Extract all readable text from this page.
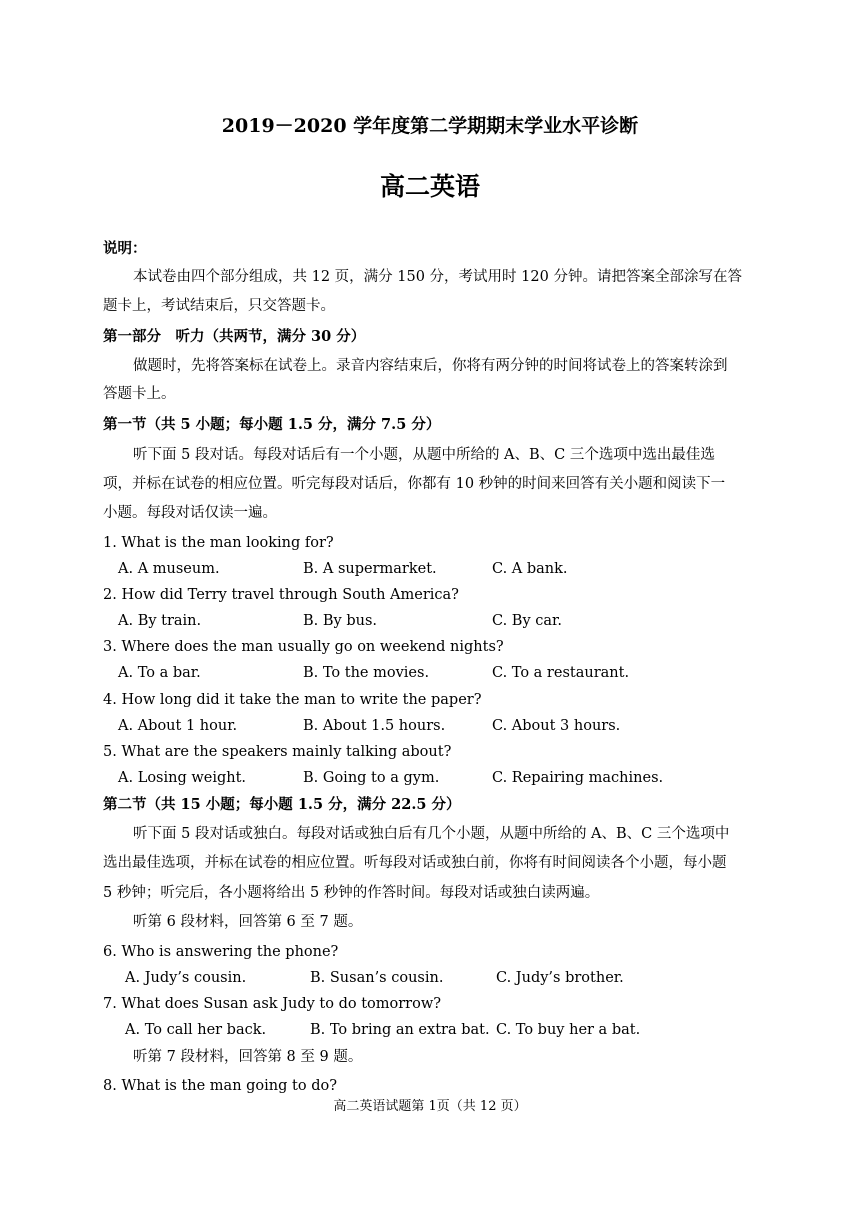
2019－2020 学年度第二学期期末学业水平诊断
高二英语
说明：
本试卷由四个部分组成，共 12 页，满分 150 分，考试用时 120 分钟。请把答案全部涂写在答
题卡上，考试结束后，只交答题卡。
第一部分　听力（共两节，满分 30 分）
做题时，先将答案标在试卷上。录音内容结束后，你将有两分钟的时间将试卷上的答案转涂到
答题卡上。
第一节（共 5 小题；每小题 1.5 分，满分 7.5 分）
听下面 5 段对话。每段对话后有一个小题，从题中所给的 A、B、C 三个选项中选出最佳选
项，并标在试卷的相应位置。听完每段对话后，你都有 10 秒钟的时间来回答有关小题和阅读下一
小题。每段对话仅读一遍。
1. What is the man looking for?
A. A museum.	B. A supermarket.	C. A bank.
2. How did Terry travel through South America?
A. By train.	B. By bus.	C. By car.
3. Where does the man usually go on weekend nights?
A. To a bar.	B. To the movies.	C. To a restaurant.
4. How long did it take the man to write the paper?
A. About 1 hour.	B. About 1.5 hours.	C. About 3 hours.
5. What are the speakers mainly talking about?
A. Losing weight.	B. Going to a gym.	C. Repairing machines.
第二节（共 15 小题；每小题 1.5 分，满分 22.5 分）
听下面 5 段对话或独白。每段对话或独白后有几个小题，从题中所给的 A、B、C 三个选项中
选出最佳选项，并标在试卷的相应位置。听每段对话或独白前，你将有时间阅读各个小题，每小题
5 秒钟；听完后，各小题将给出 5 秒钟的作答时间。每段对话或独白读两遍。
听第 6 段材料，回答第 6 至 7 题。
6. Who is answering the phone?
A. Judy’s cousin.	B. Susan’s cousin.	C. Judy’s brother.
7. What does Susan ask Judy to do tomorrow?
A. To call her back.	B. To bring an extra bat. C. To buy her a bat.
听第 7 段材料，回答第 8 至 9 题。
8. What is the man going to do?
高二英语试题第 1页（共 12 页）
